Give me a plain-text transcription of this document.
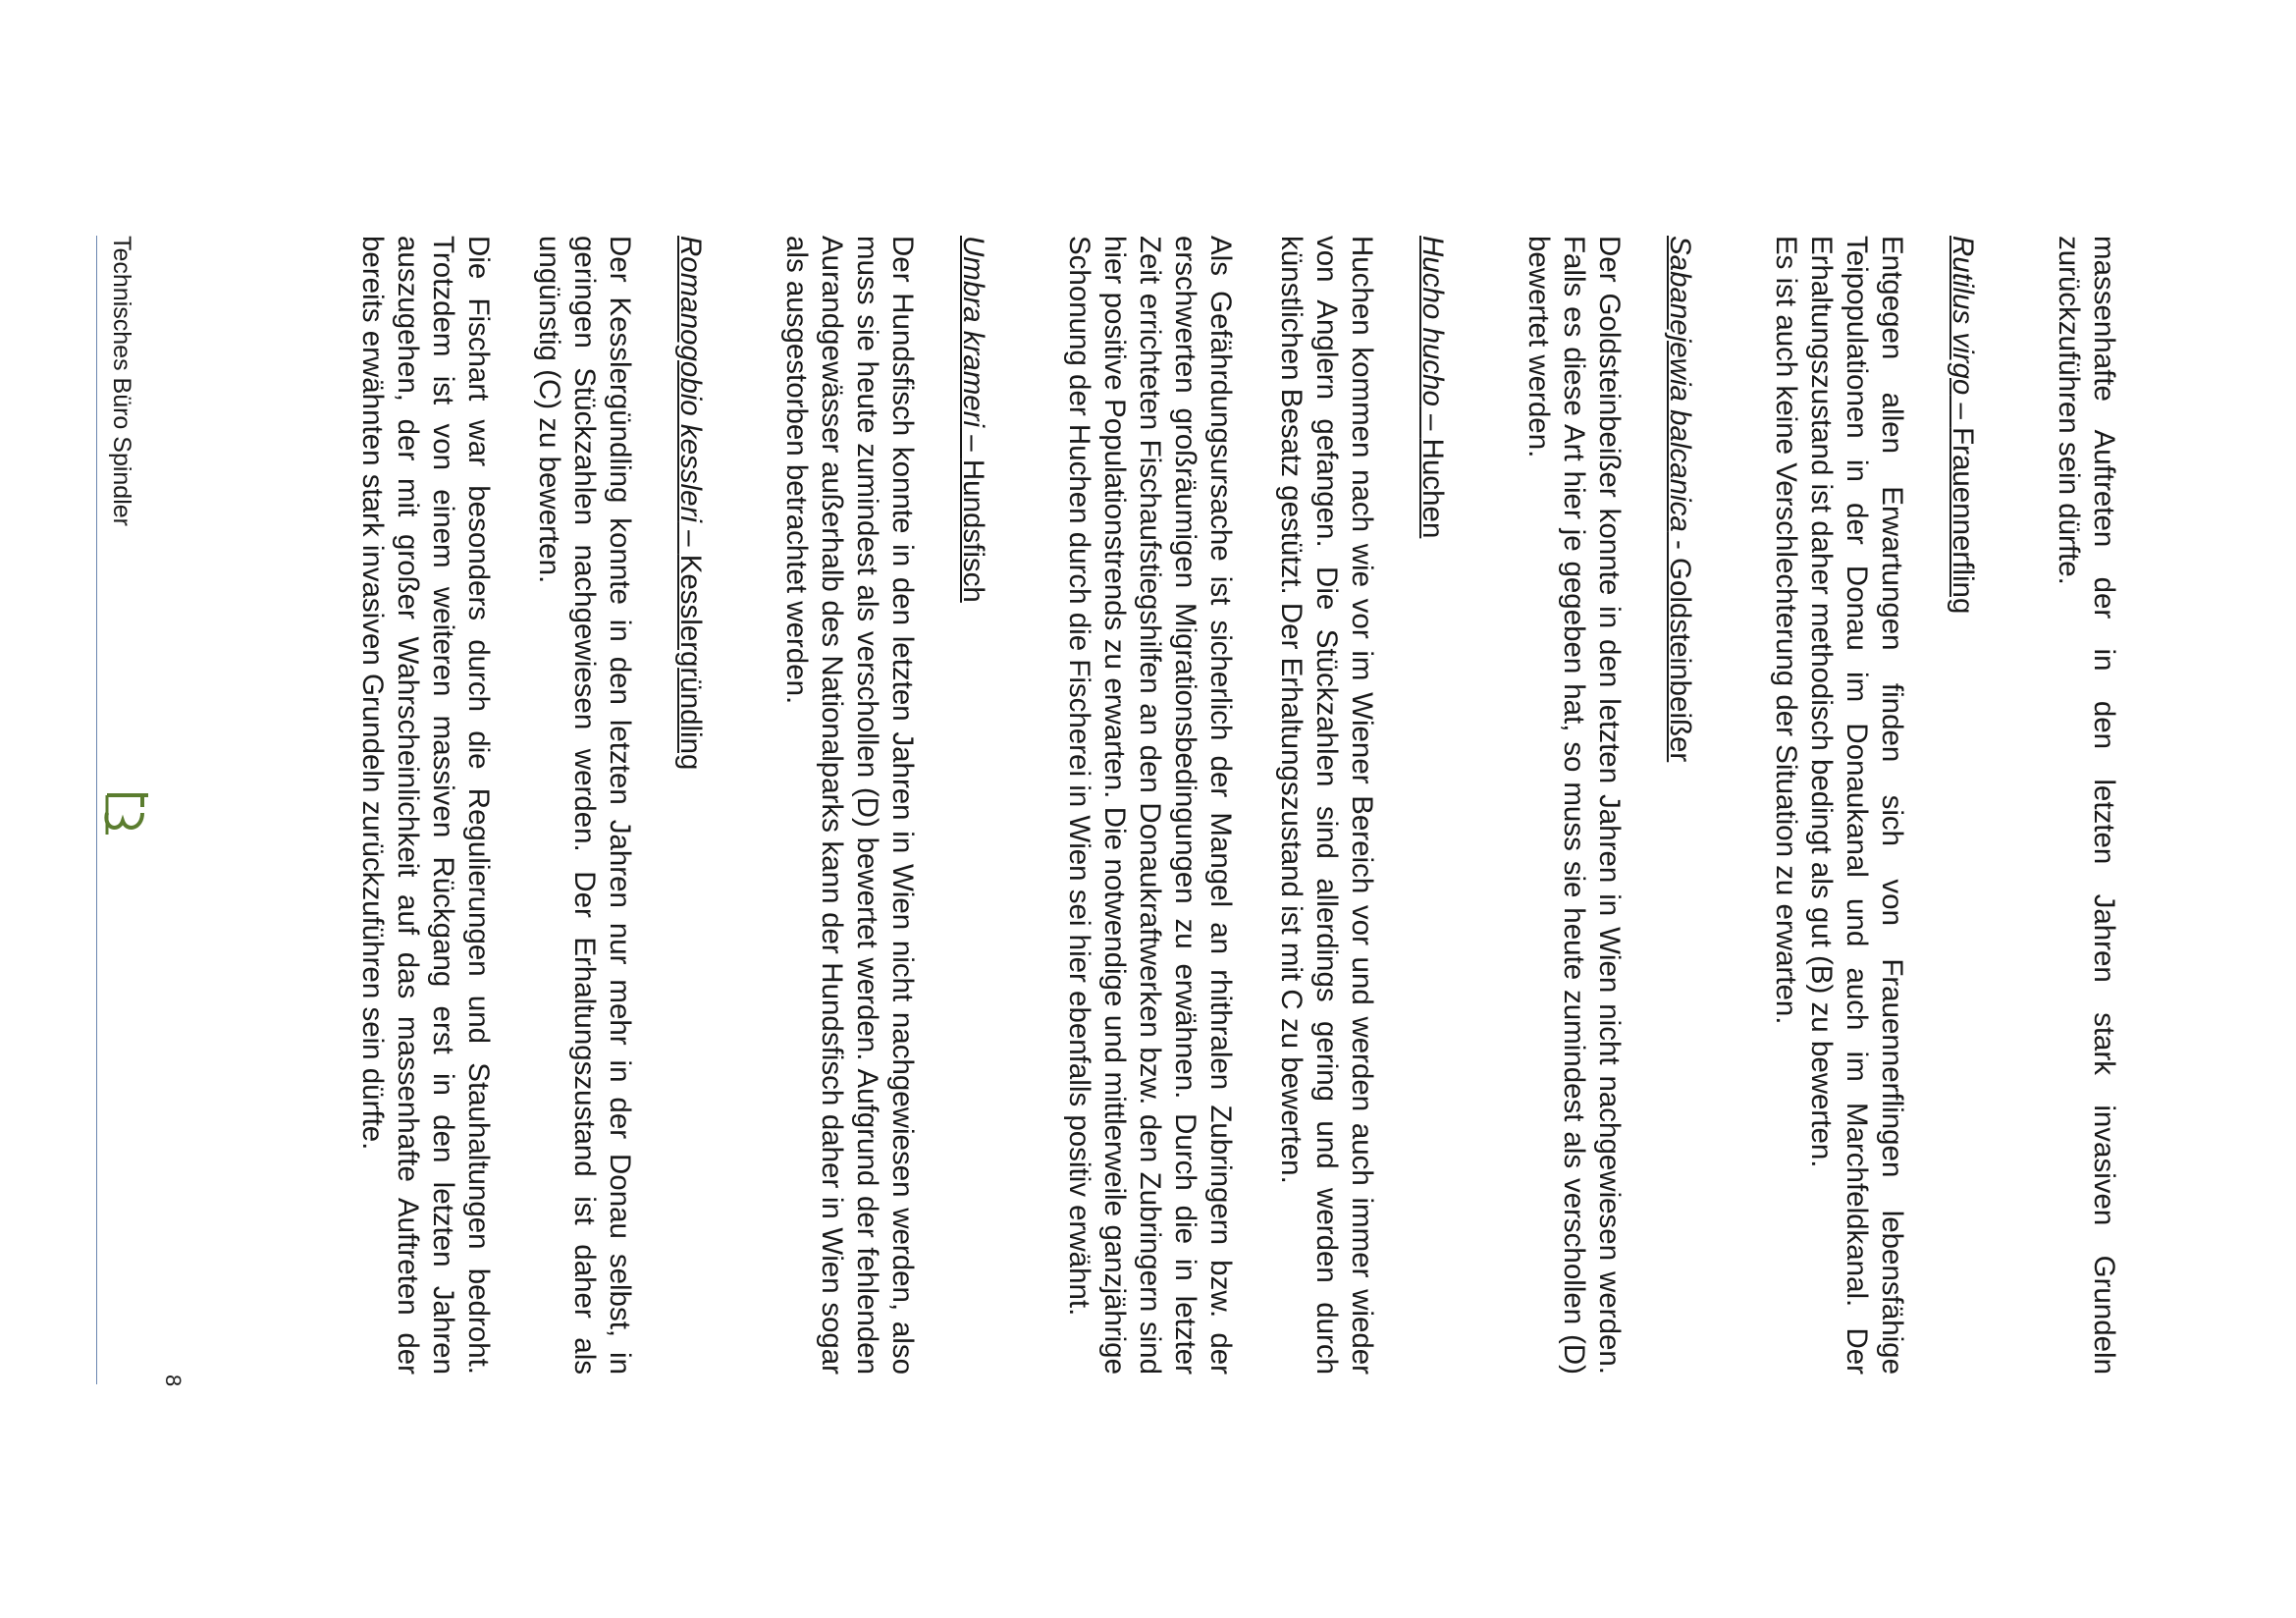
Technisches Büro Spindler	massenhafte Auftreten der in den letzten Jahren stark invasiven Grundeln zurückzuführen sein dürfte.

Rutilus virgo – Frauennerfling

Entgegen allen Erwartungen finden sich von Frauennerflingen lebensfähige Teipopulationen in der Donau im Donaukanal und auch im Marchfeldkanal. Der Erhaltungszustand ist daher methodisch bedingt als gut (B) zu bewerten.

Es ist auch keine Verschlechterung der Situation zu erwarten.

Sabanejewia balcanica - Goldsteinbeißer

Der Goldsteinbeißer konnte in den letzten Jahren in Wien nicht nachgewiesen werden. Falls es diese Art hier je gegeben hat, so muss sie heute zumindest als verschollen (D) bewertet werden.

Hucho hucho – Huchen

Huchen kommen nach wie vor im Wiener Bereich vor und werden auch immer wieder von Anglern gefangen. Die Stückzahlen sind allerdings gering und werden durch künstlichen Besatz gestützt. Der Erhaltungszustand ist mit C zu bewerten.

Als Gefährdungsursache ist sicherlich der Mangel an rhithralen Zubringern bzw. der erschwerten großräumigen Migrationsbedingungen zu erwähnen. Durch die in letzter Zeit errichteten Fischaufstiegshilfen an den Donaukraftwerken bzw. den Zubringern sind hier positive Populationstrends zu erwarten. Die notwendige und mittlerweile ganzjährige Schonung der Huchen durch die Fischerei in Wien sei hier ebenfalls positiv erwähnt.

Umbra krameri – Hundsfisch

Der Hundsfisch konnte in den letzten Jahren in Wien nicht nachgewiesen werden, also muss sie heute zumindest als verschollen (D) bewertet werden. Aufgrund der fehlenden Aurandgewässer außerhalb des Nationalparks kann der Hundsfisch daher in Wien sogar als ausgestorben betrachtet werden.

Romanogobio kessleri – Kesslergründling

Der Kesslergündling konnte in den letzten Jahren nur mehr in der Donau selbst, in geringen Stückzahlen nachgewiesen werden. Der Erhaltungszustand ist daher als ungünstig (C) zu bewerten.

Die Fischart war besonders durch die Regulierungen und Stauhaltungen bedroht. Trotzdem ist von einem weiteren massiven Rückgang erst in den letzten Jahren auszugehen, der mit großer Wahrscheinlichkeit auf das massenhafte Auftreten der bereits erwähnten stark invasiven Grundeln zurückzuführen sein dürfte.

8
